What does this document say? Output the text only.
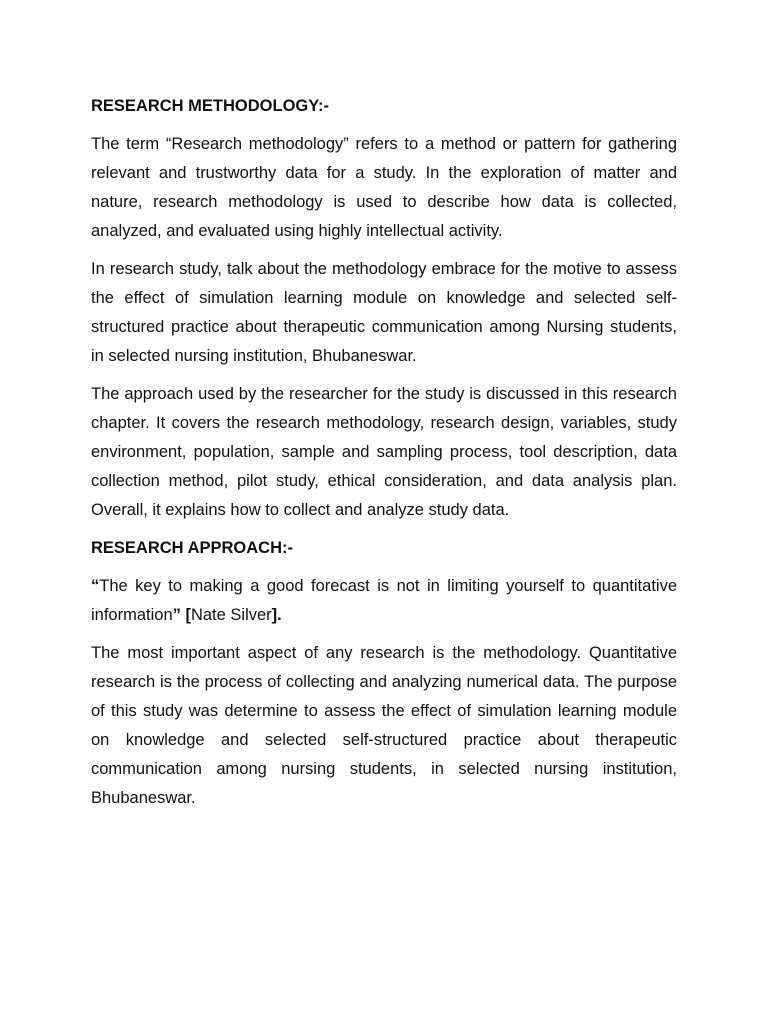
RESEARCH METHODOLOGY:-

The term “Research methodology” refers to a method or pattern for gathering relevant and trustworthy data for a study. In the exploration of matter and nature, research methodology is used to describe how data is collected, analyzed, and evaluated using highly intellectual activity.

In research study, talk about the methodology embrace for the motive to assess the effect of simulation learning module on knowledge and selected self-structured practice about therapeutic communication among Nursing students, in selected nursing institution, Bhubaneswar.

The approach used by the researcher for the study is discussed in this research chapter. It covers the research methodology, research design, variables, study environment, population, sample and sampling process, tool description, data collection method, pilot study, ethical consideration, and data analysis plan. Overall, it explains how to collect and analyze study data.

RESEARCH APPROACH:-

“The key to making a good forecast is not in limiting yourself to quantitative information” [Nate Silver].

The most important aspect of any research is the methodology. Quantitative research is the process of collecting and analyzing numerical data. The purpose of this study was determine to assess the effect of simulation learning module on knowledge and selected self-structured practice about therapeutic communication among nursing students, in selected nursing institution, Bhubaneswar.
